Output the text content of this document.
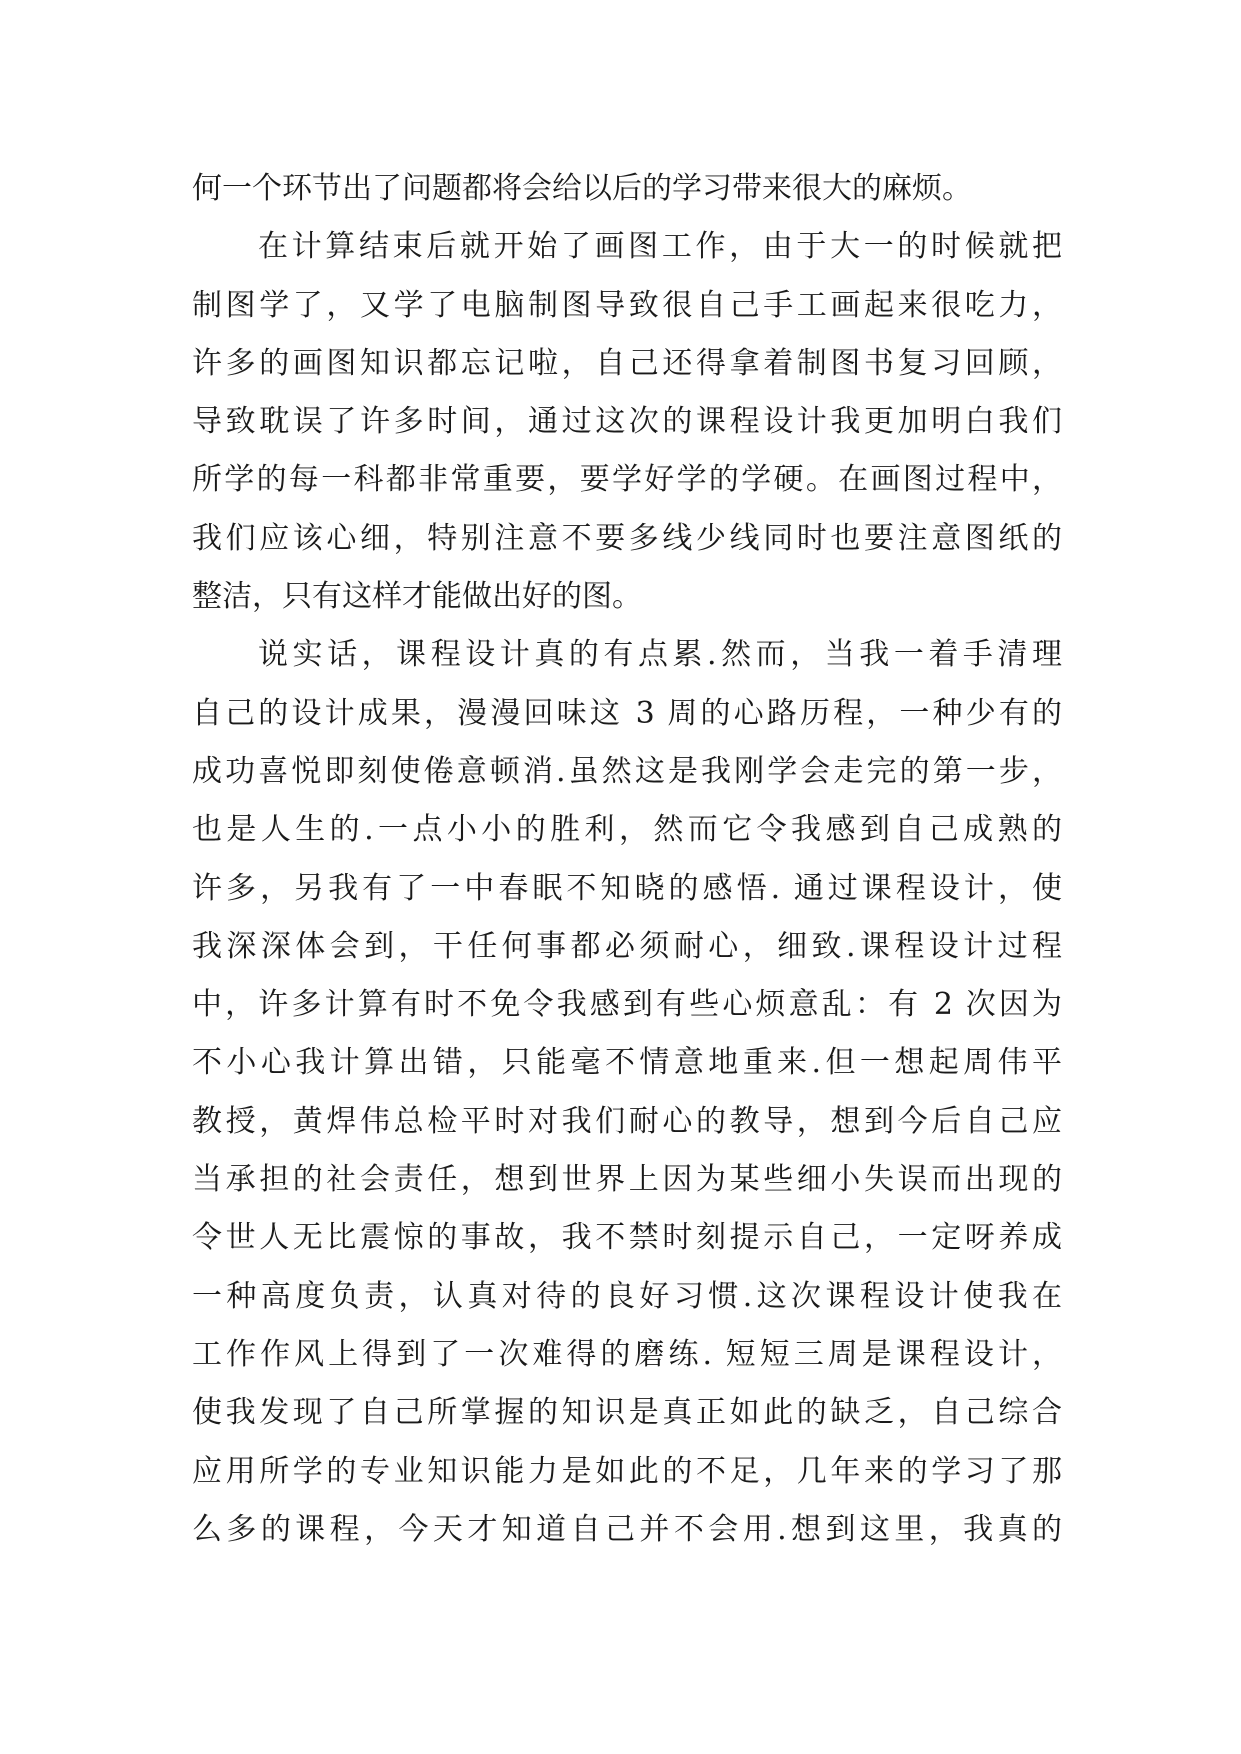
何一个环节出了问题都将会给以后的学习带来很大的麻烦。
在计算结束后就开始了画图工作，由于大一的时候就把
制图学了，又学了电脑制图导致很自己手工画起来很吃力，
许多的画图知识都忘记啦，自己还得拿着制图书复习回顾，
导致耽误了许多时间，通过这次的课程设计我更加明白我们
所学的每一科都非常重要，要学好学的学硬。在画图过程中，
我们应该心细，特别注意不要多线少线同时也要注意图纸的
整洁，只有这样才能做出好的图。
说实话，课程设计真的有点累.然而，当我一着手清理
自己的设计成果，漫漫回味这 3 周的心路历程，一种少有的
成功喜悦即刻使倦意顿消.虽然这是我刚学会走完的第一步，
也是人生的.一点小小的胜利，然而它令我感到自己成熟的
许多，另我有了一中春眠不知晓的感悟. 通过课程设计，使
我深深体会到，干任何事都必须耐心，细致.课程设计过程
中，许多计算有时不免令我感到有些心烦意乱：有 2 次因为
不小心我计算出错，只能毫不情意地重来.但一想起周伟平
教授，黄焊伟总检平时对我们耐心的教导，想到今后自己应
当承担的社会责任，想到世界上因为某些细小失误而出现的
令世人无比震惊的事故，我不禁时刻提示自己，一定呀养成
一种高度负责，认真对待的良好习惯.这次课程设计使我在
工作作风上得到了一次难得的磨练. 短短三周是课程设计，
使我发现了自己所掌握的知识是真正如此的缺乏，自己综合
应用所学的专业知识能力是如此的不足，几年来的学习了那
么多的课程，今天才知道自己并不会用.想到这里，我真的
